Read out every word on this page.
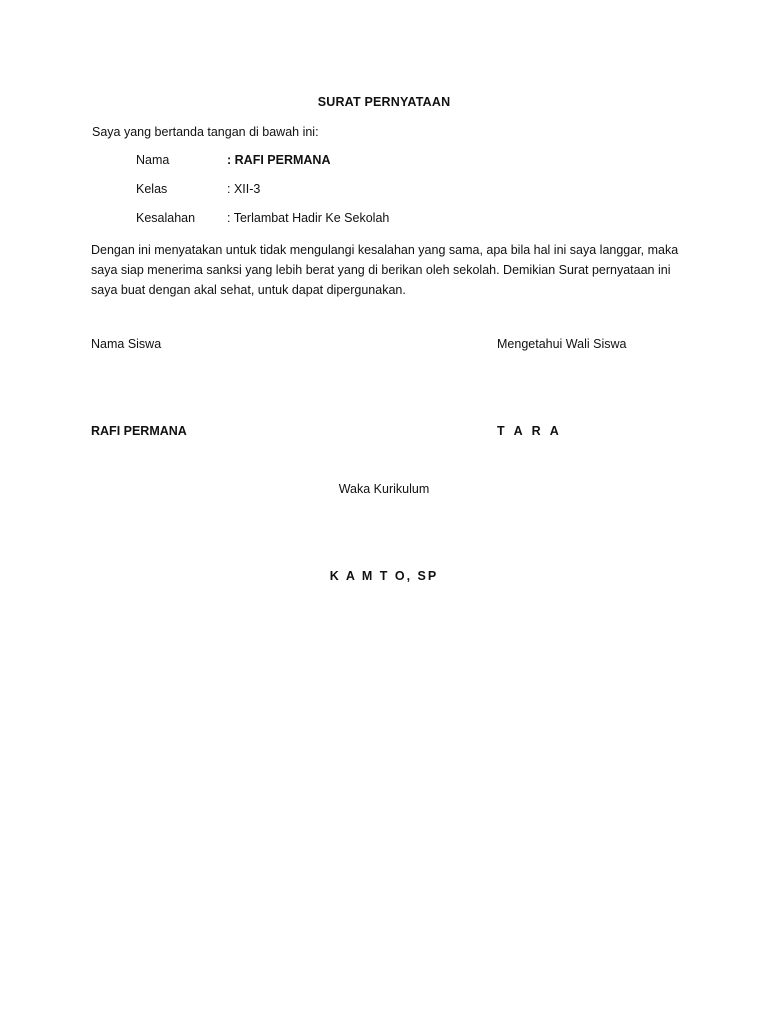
SURAT PERNYATAAN
Saya yang bertanda tangan di bawah ini:
Nama	: RAFI PERMANA
Kelas	: XII-3
Kesalahan	: Terlambat Hadir Ke Sekolah
Dengan ini menyatakan untuk tidak mengulangi kesalahan yang sama, apa bila hal ini saya langgar, maka saya siap menerima sanksi yang lebih berat yang di berikan oleh sekolah. Demikian Surat pernyataan ini saya buat dengan akal sehat, untuk dapat dipergunakan.
Nama Siswa	Mengetahui Wali Siswa
RAFI PERMANA	T A R A
Waka Kurikulum
K A M T O, SP
